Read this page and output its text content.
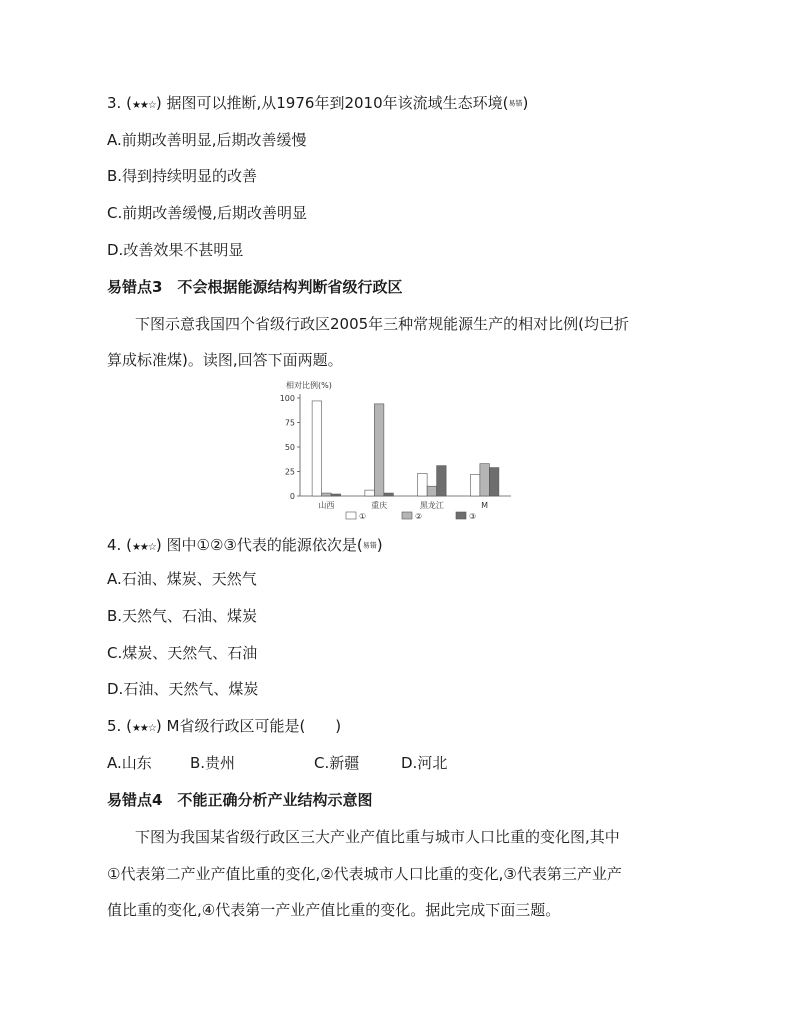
3. (★★☆) 据图可以推断,从1976年到2010年该流域生态环境(易错)
A.前期改善明显,后期改善缓慢
B.得到持续明显的改善
C.前期改善缓慢,后期改善明显
D.改善效果不甚明显
易错点3　不会根据能源结构判断省级行政区
下图示意我国四个省级行政区2005年三种常规能源生产的相对比例(均已折
算成标准煤)。读图,回答下面两题。
相对比例(%)
0
25
50
75
100
山西	重庆	黑龙江	M
①	②	③
4. (★★☆) 图中①②③代表的能源依次是(易错)
A.石油、煤炭、天然气
B.天然气、石油、煤炭
C.煤炭、天然气、石油
D.石油、天然气、煤炭
5. (★★☆) M省级行政区可能是(　　)
A.山东	B.贵州	C.新疆	D.河北
易错点4　不能正确分析产业结构示意图
下图为我国某省级行政区三大产业产值比重与城市人口比重的变化图,其中
①代表第二产业产值比重的变化,②代表城市人口比重的变化,③代表第三产业产
值比重的变化,④代表第一产业产值比重的变化。据此完成下面三题。
